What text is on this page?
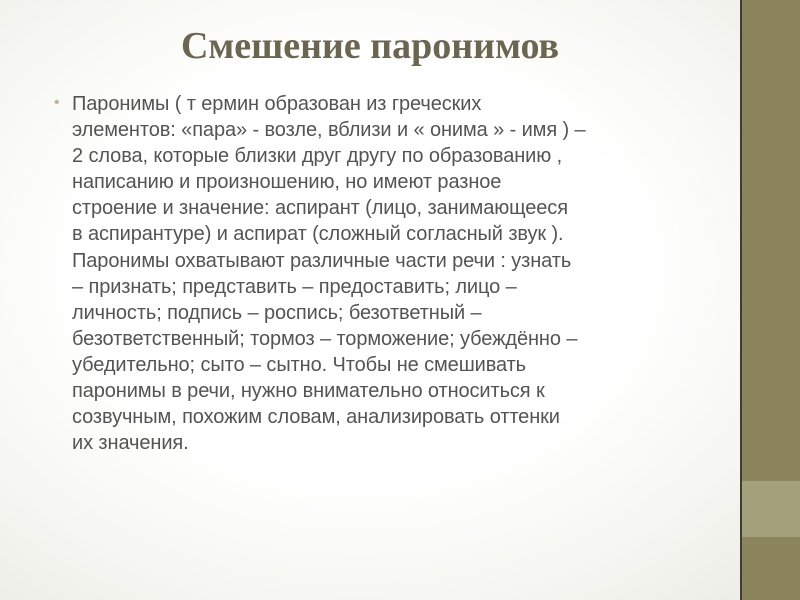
Смешение паронимов
• Паронимы ( т ермин образован из греческих
элементов: «пара» - возле, вблизи и « онима » - имя ) –
2 слова, которые близки друг другу по образованию ,
написанию и произношению, но имеют разное
строение и значение: аспирант (лицо, занимающееся
в аспирантуре) и аспират (сложный согласный звук ).
Паронимы охватывают различные части речи : узнать
– признать; представить – предоставить; лицо –
личность; подпись – роспись; безответный –
безответственный; тормоз – торможение; убеждённо –
убедительно; сыто – сытно. Чтобы не смешивать
паронимы в речи, нужно внимательно относиться к
созвучным, похожим словам, анализировать оттенки
их значения.
